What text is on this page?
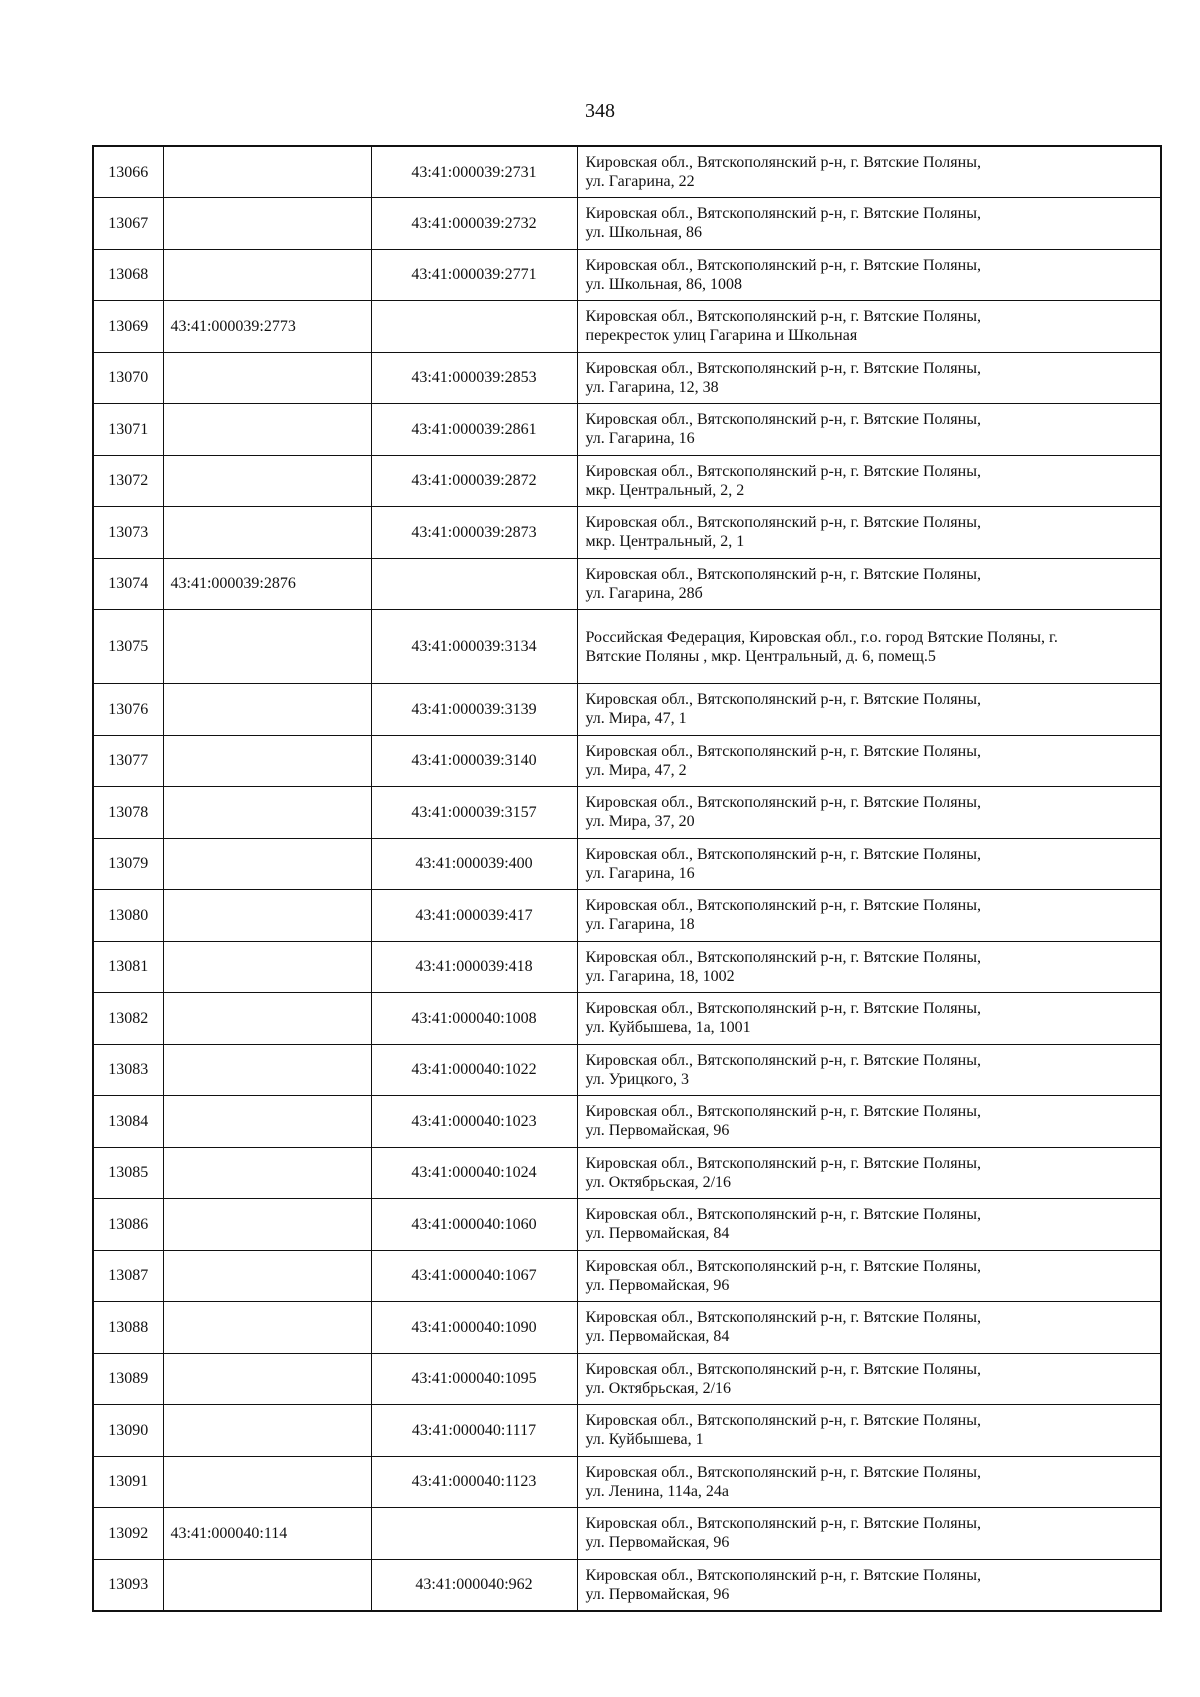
348
13066		43:41:000039:2731	Кировская обл., Вятскополянский р-н, г. Вятские Поляны,
ул. Гагарина, 22

13067		43:41:000039:2732	Кировская обл., Вятскополянский р-н, г. Вятские Поляны,
ул. Школьная, 86

13068		43:41:000039:2771	Кировская обл., Вятскополянский р-н, г. Вятские Поляны,
ул. Школьная, 86, 1008

13069	43:41:000039:2773		Кировская обл., Вятскополянский р-н, г. Вятские Поляны,
перекресток улиц Гагарина и Школьная

13070		43:41:000039:2853	Кировская обл., Вятскополянский р-н, г. Вятские Поляны,
ул. Гагарина, 12, 38

13071		43:41:000039:2861	Кировская обл., Вятскополянский р-н, г. Вятские Поляны,
ул. Гагарина, 16

13072		43:41:000039:2872	Кировская обл., Вятскополянский р-н, г. Вятские Поляны,
мкр. Центральный, 2, 2

13073		43:41:000039:2873	Кировская обл., Вятскополянский р-н, г. Вятские Поляны,
мкр. Центральный, 2, 1

13074	43:41:000039:2876		Кировская обл., Вятскополянский р-н, г. Вятские Поляны,
ул. Гагарина, 28б

13075		43:41:000039:3134	Российская Федерация, Кировская обл., г.о. город Вятские Поляны, г.
Вятские Поляны , мкр. Центральный, д. 6, помещ.5

13076		43:41:000039:3139	Кировская обл., Вятскополянский р-н, г. Вятские Поляны,
ул. Мира, 47, 1

13077		43:41:000039:3140	Кировская обл., Вятскополянский р-н, г. Вятские Поляны,
ул. Мира, 47, 2

13078		43:41:000039:3157	Кировская обл., Вятскополянский р-н, г. Вятские Поляны,
ул. Мира, 37, 20

13079		43:41:000039:400	Кировская обл., Вятскополянский р-н, г. Вятские Поляны,
ул. Гагарина, 16

13080		43:41:000039:417	Кировская обл., Вятскополянский р-н, г. Вятские Поляны,
ул. Гагарина, 18

13081		43:41:000039:418	Кировская обл., Вятскополянский р-н, г. Вятские Поляны,
ул. Гагарина, 18, 1002

13082		43:41:000040:1008	Кировская обл., Вятскополянский р-н, г. Вятские Поляны,
ул. Куйбышева, 1а, 1001

13083		43:41:000040:1022	Кировская обл., Вятскополянский р-н, г. Вятские Поляны,
ул. Урицкого, 3

13084		43:41:000040:1023	Кировская обл., Вятскополянский р-н, г. Вятские Поляны,
ул. Первомайская, 96

13085		43:41:000040:1024	Кировская обл., Вятскополянский р-н, г. Вятские Поляны,
ул. Октябрьская, 2/16

13086		43:41:000040:1060	Кировская обл., Вятскополянский р-н, г. Вятские Поляны,
ул. Первомайская, 84

13087		43:41:000040:1067	Кировская обл., Вятскополянский р-н, г. Вятские Поляны,
ул. Первомайская, 96

13088		43:41:000040:1090	Кировская обл., Вятскополянский р-н, г. Вятские Поляны,
ул. Первомайская, 84

13089		43:41:000040:1095	Кировская обл., Вятскополянский р-н, г. Вятские Поляны,
ул. Октябрьская, 2/16

13090		43:41:000040:1117	Кировская обл., Вятскополянский р-н, г. Вятские Поляны,
ул. Куйбышева, 1

13091		43:41:000040:1123	Кировская обл., Вятскополянский р-н, г. Вятские Поляны,
ул. Ленина, 114а, 24а

13092	43:41:000040:114		Кировская обл., Вятскополянский р-н, г. Вятские Поляны,
ул. Первомайская, 96

13093		43:41:000040:962	Кировская обл., Вятскополянский р-н, г. Вятские Поляны,
ул. Первомайская, 96
